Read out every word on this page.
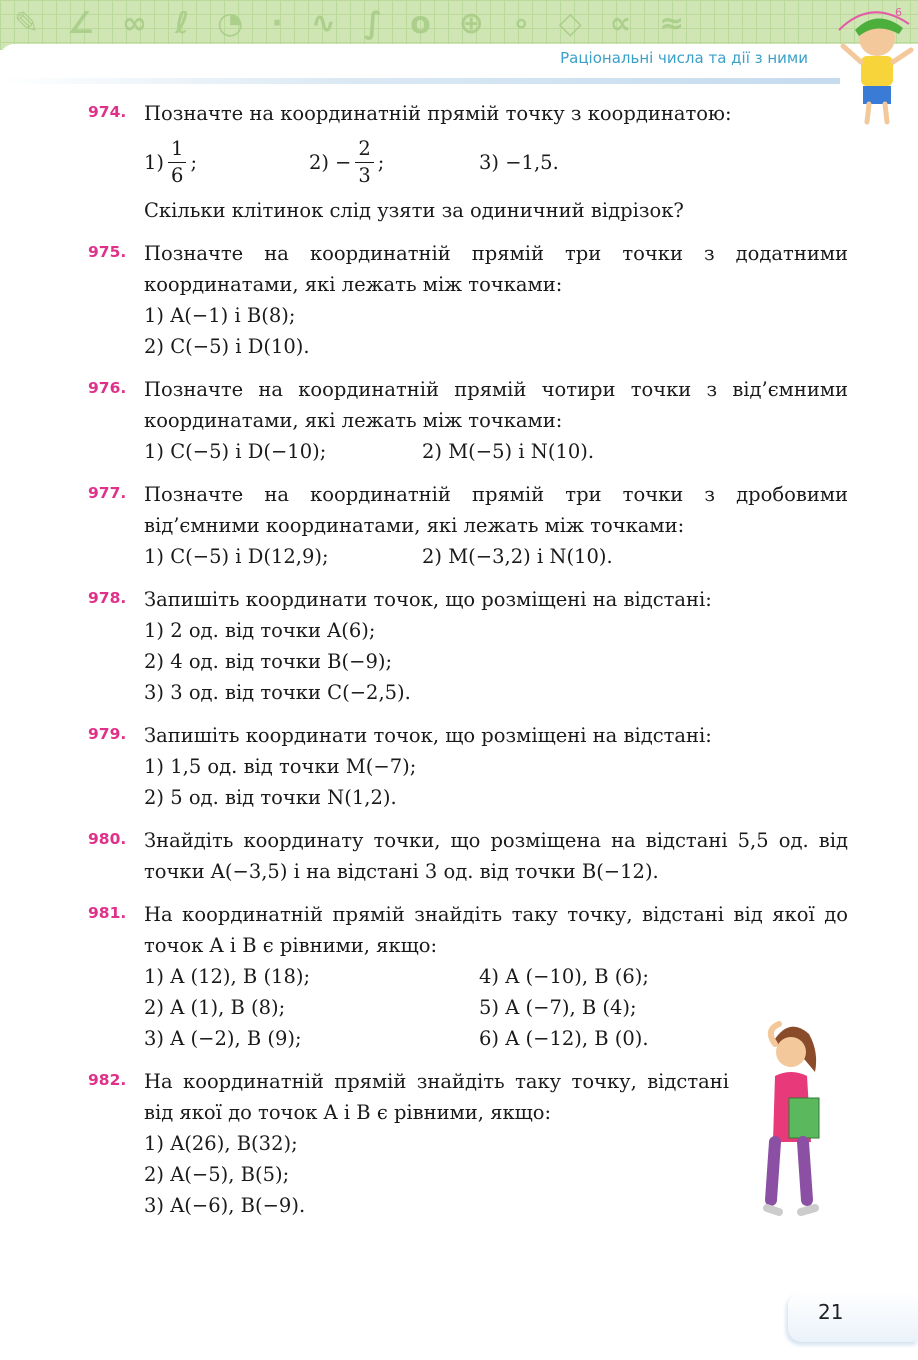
✎∠∞ℓ◔·∿∫o⊕∘◇∝≈
Раціональні числа та дії з ними
6
974. Позначте на координатній прямій точку з координатою:
$1) \frac{1}{6}$ ;	$2) - \frac{2}{3}$ ;	3) −1,5.
Скільки клітинок слід узяти за одиничний відрізок?
975. Позначте на координатній прямій три точки з додатними координатами, які лежать між точками:
1) A(−1) і B(8);
2) C(−5) і D(10).
976. Позначте на координатній прямій чотири точки з від’ємними координатами, які лежать між точками:
1) C(−5) і D(−10);	2) M(−5) і N(10).
977. Позначте на координатній прямій три точки з дробовими від’ємними координатами, які лежать між точками:
1) C(−5) і D(12,9);	2) M(−3,2) і N(10).
978. Запишіть координати точок, що розміщені на відстані:
1) 2 од. від точки A(6);
2) 4 од. від точки B(−9);
3) 3 од. від точки C(−2,5).
979. Запишіть координати точок, що розміщені на відстані:
1) 1,5 од. від точки M(−7);
2) 5 од. від точки N(1,2).
980. Знайдіть координату точки, що розміщена на відстані 5,5 од. від точки A(−3,5) і на відстані 3 од. від точки B(−12).
981. На координатній прямій знайдіть таку точку, відстані від якої до точок A і B є рівними, якщо:
1) A (12), B (18);
2) A (1), B (8);
3) A (−2), B (9);
4) A (−10), B (6);
5) A (−7), B (4);
6) A (−12), B (0).
982. На координатній прямій знайдіть таку точку, відстані від якої до точок A і B є рівними, якщо:
1) A(26), B(32);
2) A(−5), B(5);
3) A(−6), B(−9).
21
